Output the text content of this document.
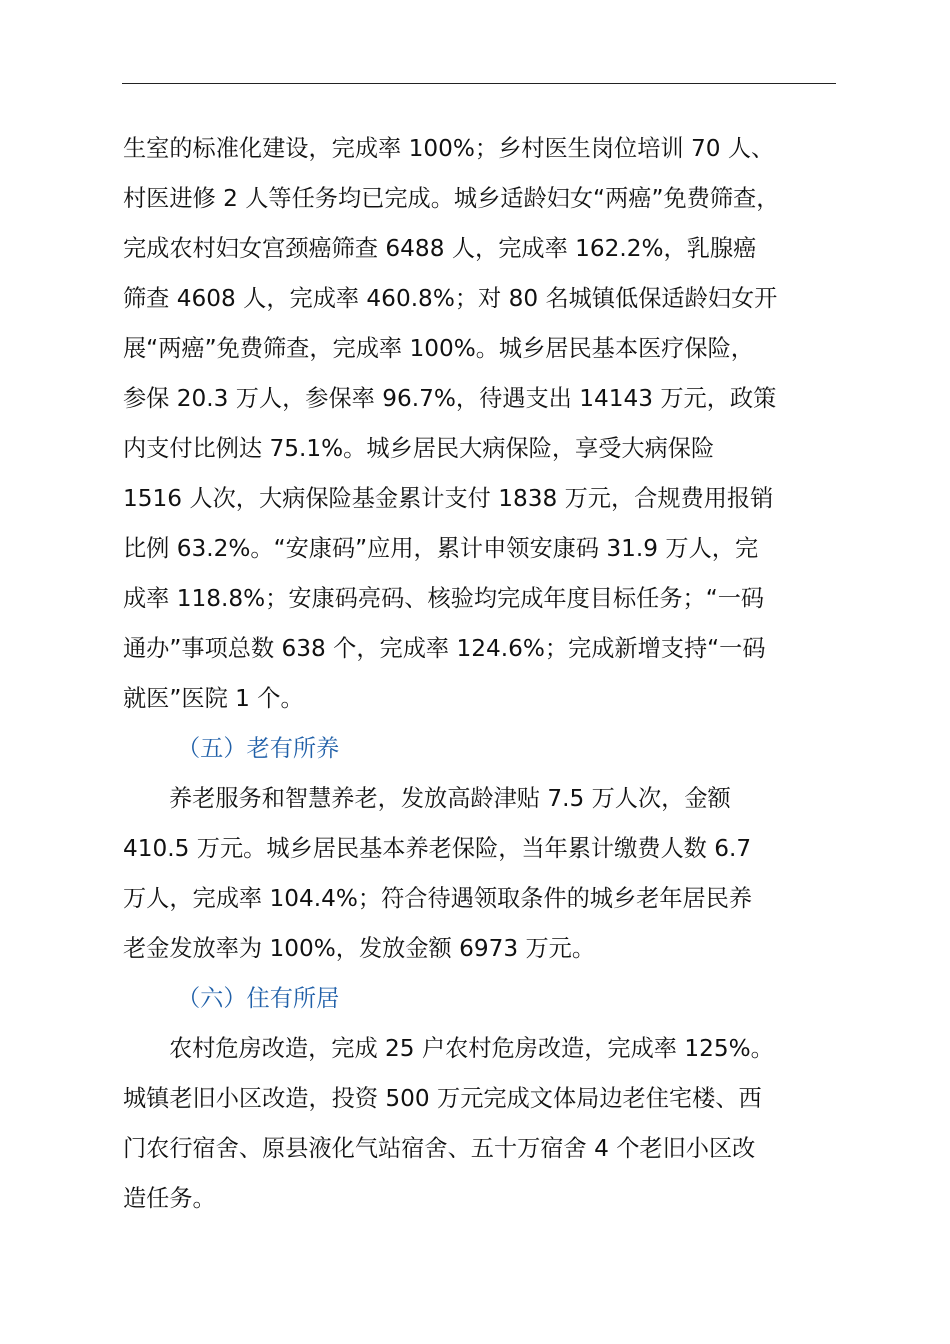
生室的标准化建设，完成率 100%；乡村医生岗位培训 70 人、
村医进修 2 人等任务均已完成。城乡适龄妇女“两癌”免费筛查，
完成农村妇女宫颈癌筛查 6488 人，完成率 162.2%，乳腺癌
筛查 4608 人，完成率 460.8%；对 80 名城镇低保适龄妇女开
展“两癌”免费筛查，完成率 100%。城乡居民基本医疗保险，
参保 20.3 万人，参保率 96.7%，待遇支出 14143 万元，政策
内支付比例达 75.1%。城乡居民大病保险，享受大病保险
1516 人次，大病保险基金累计支付 1838 万元，合规费用报销
比例 63.2%。“安康码”应用，累计申领安康码 31.9 万人，完
成率 118.8%；安康码亮码、核验均完成年度目标任务；“一码
通办”事项总数 638 个，完成率 124.6%；完成新增支持“一码
就医”医院 1 个。
（五）老有所养
养老服务和智慧养老，发放高龄津贴 7.5 万人次，金额
410.5 万元。城乡居民基本养老保险，当年累计缴费人数 6.7
万人，完成率 104.4%；符合待遇领取条件的城乡老年居民养
老金发放率为 100%，发放金额 6973 万元。
（六）住有所居
农村危房改造，完成 25 户农村危房改造，完成率 125%。
城镇老旧小区改造，投资 500 万元完成文体局边老住宅楼、西
门农行宿舍、原县液化气站宿舍、五十万宿舍 4 个老旧小区改
造任务。
